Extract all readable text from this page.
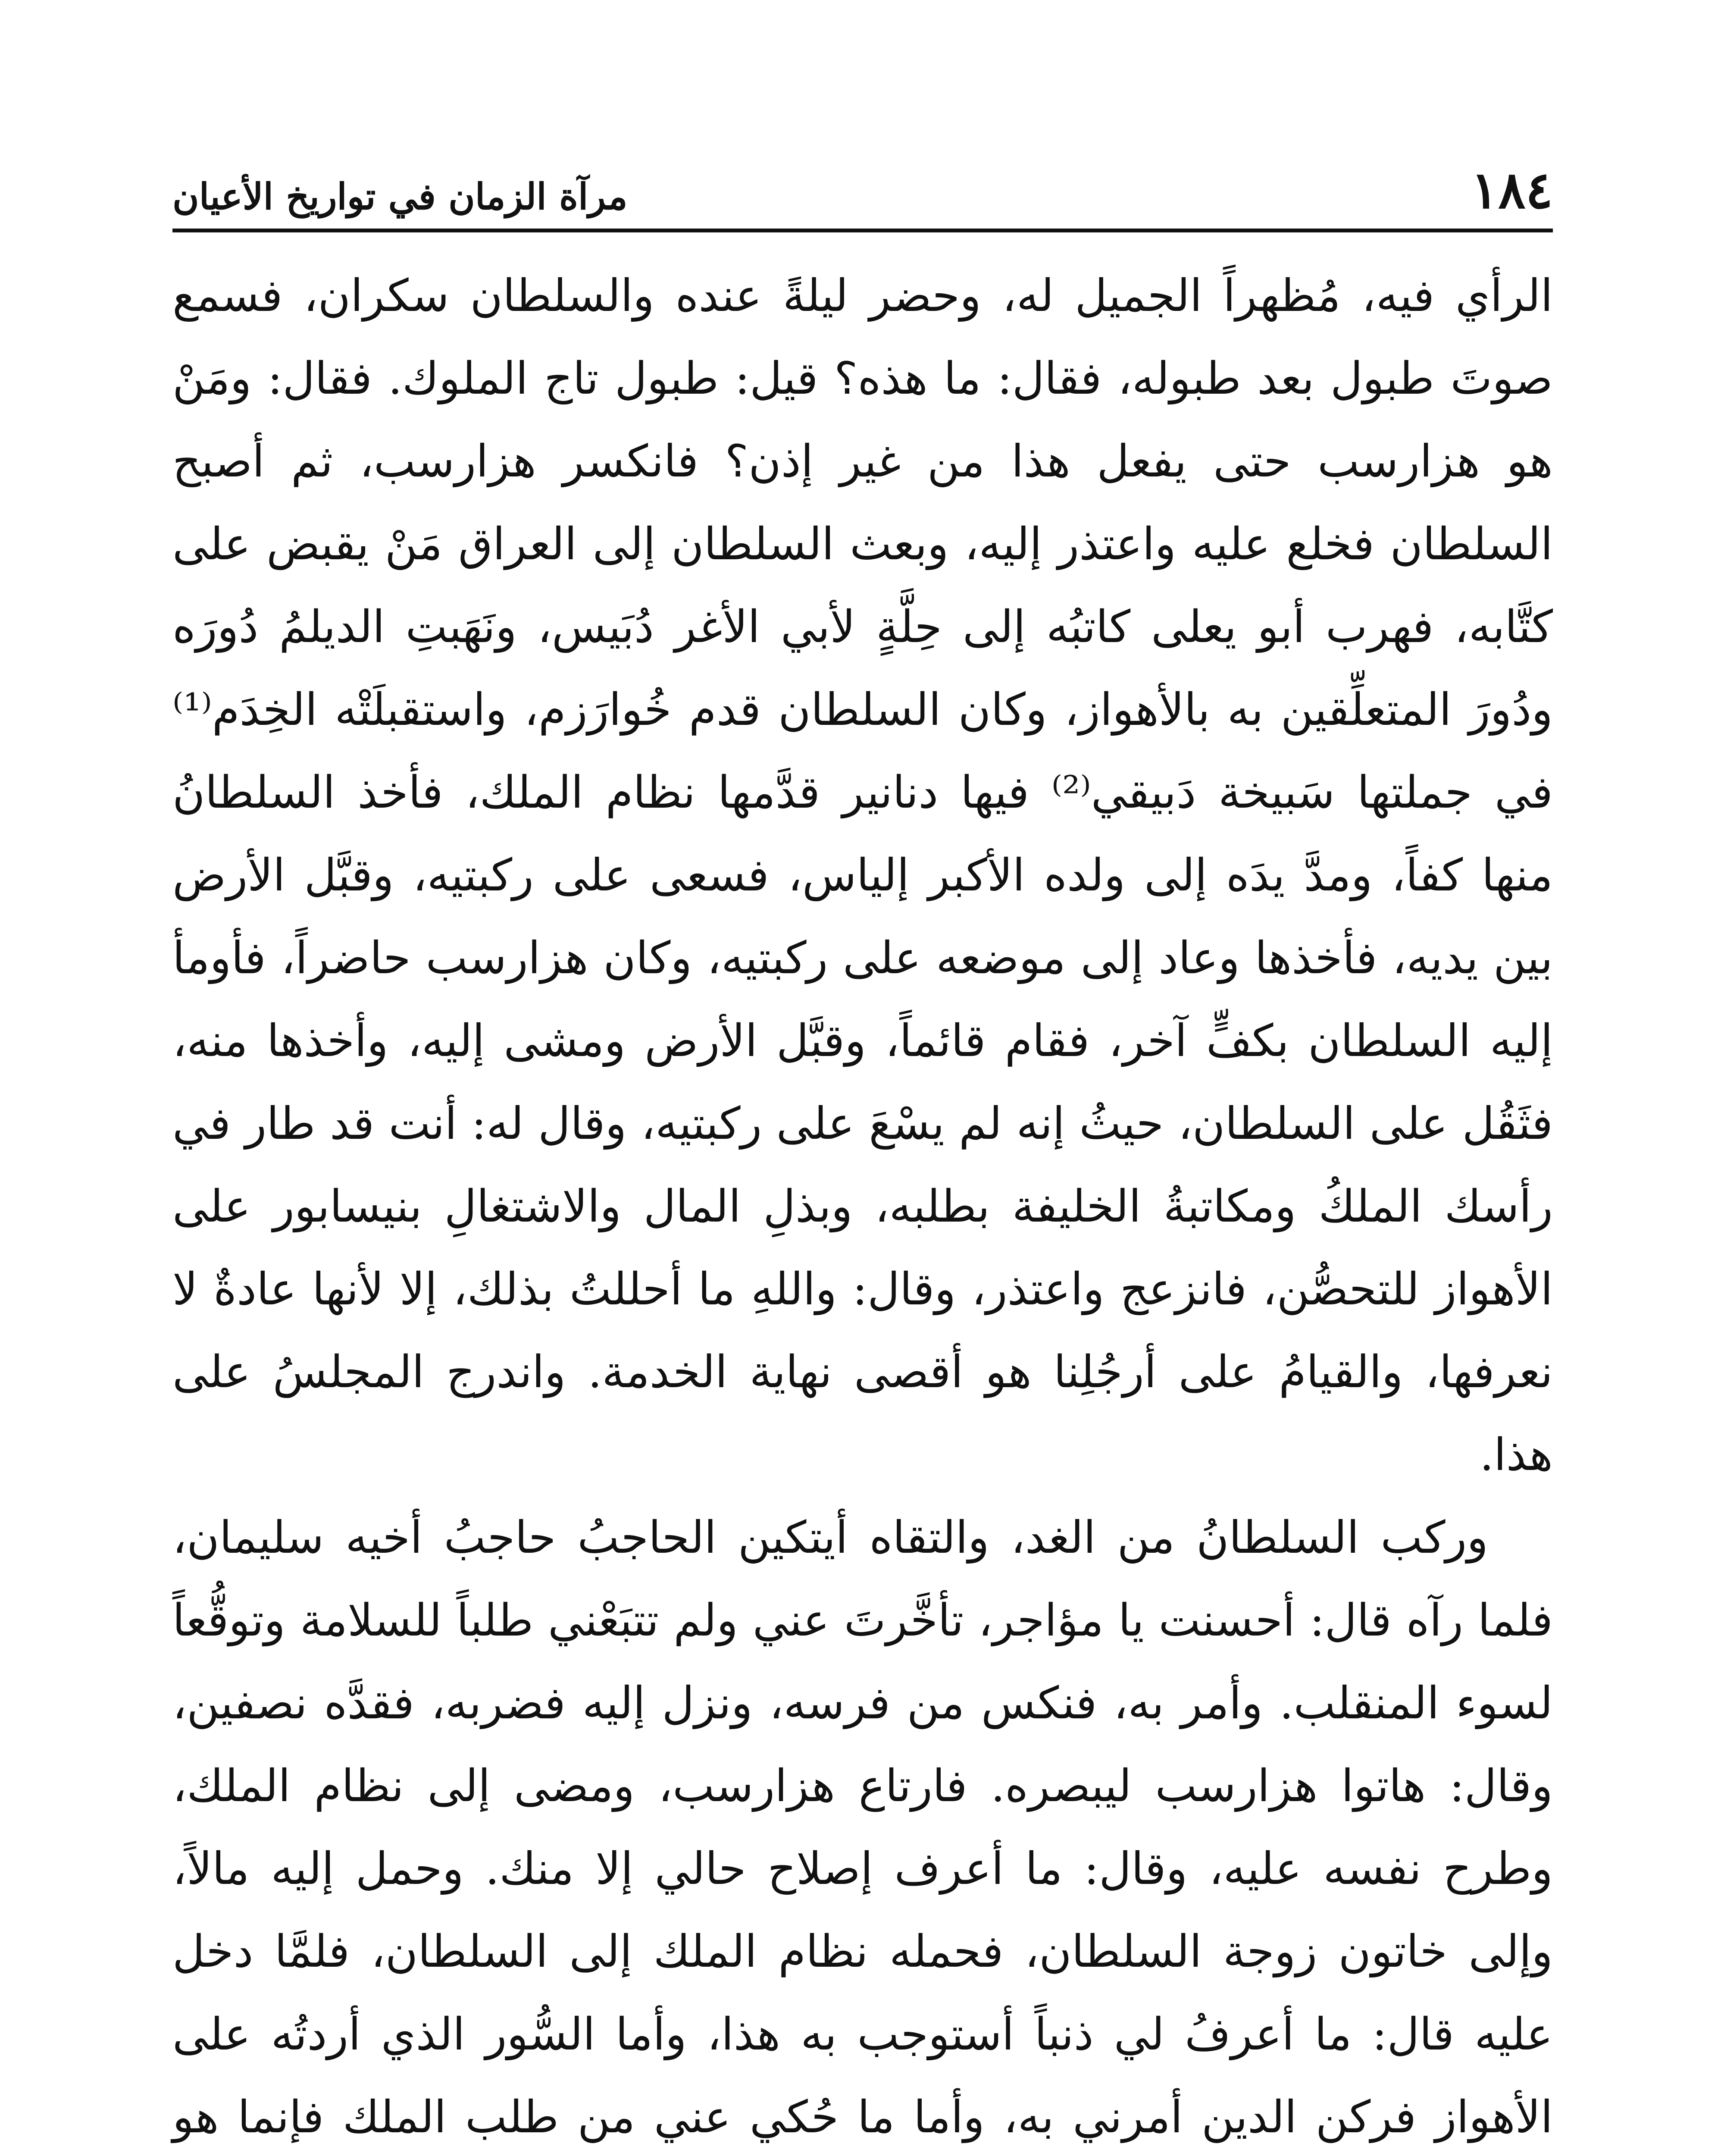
١٨٤
مرآة الزمان في تواريخ الأعيان

الرأي فيه، مُظهراً الجميل له، وحضر ليلةً عنده والسلطان سكران، فسمع صوتَ طبول بعد طبوله، فقال: ما هذه؟ قيل: طبول تاج الملوك. فقال: ومَنْ هو هزارسب حتى يفعل هذا من غير إذن؟ فانكسر هزارسب، ثم أصبح السلطان فخلع عليه واعتذر إليه، وبعث السلطان إلى العراق مَنْ يقبض على كتَّابه، فهرب أبو يعلى كاتبُه إلى حِلَّةٍ لأبي الأغر دُبَيس، ونَهَبتِ الديلمُ دُورَه ودُورَ المتعلِّقين به بالأهواز، وكان السلطان قدم خُوارَزم، واستقبلَتْه الخِدَم⁽¹⁾ في جملتها سَبيخة دَبيقي⁽²⁾ فيها دنانير قدَّمها نظام الملك، فأخذ السلطانُ منها كفاً، ومدَّ يدَه إلى ولده الأكبر إلياس، فسعى على ركبتيه، وقبَّل الأرض بين يديه، فأخذها وعاد إلى موضعه على ركبتيه، وكان هزارسب حاضراً، فأومأ إليه السلطان بكفٍّ آخر، فقام قائماً، وقبَّل الأرض ومشى إليه، وأخذها منه، فثَقُل على السلطان، حيثُ إنه لم يسْعَ على ركبتيه، وقال له: أنت قد طار في رأسك الملكُ ومكاتبةُ الخليفة بطلبه، وبذلِ المال والاشتغالِ بنيسابور على الأهواز للتحصُّن، فانزعج واعتذر، وقال: واللهِ ما أحللتُ بذلك، إلا لأنها عادةٌ لا نعرفها، والقيامُ على أرجُلِنا هو أقصى نهاية الخدمة. واندرج المجلسُ على هذا.

وركب السلطانُ من الغد، والتقاه أيتكين الحاجبُ حاجبُ أخيه سليمان، فلما رآه قال: أحسنت يا مؤاجر، تأخَّرتَ عني ولم تتبَعْني طلباً للسلامة وتوقُّعاً لسوء المنقلب. وأمر به، فنكس من فرسه، ونزل إليه فضربه، فقدَّه نصفين، وقال: هاتوا هزارسب ليبصره. فارتاع هزارسب، ومضى إلى نظام الملك، وطرح نفسه عليه، وقال: ما أعرف إصلاح حالي إلا منك. وحمل إليه مالاً، وإلى خاتون زوجة السلطان، فحمله نظام الملك إلى السلطان، فلمَّا دخل عليه قال: ما أعرفُ لي ذنباً أستوجب به هذا، وأما السُّور الذي أردتُه على الأهواز فركن الدين أمرني به، وأما ما حُكي عني من طلب الملك فإنما هو
